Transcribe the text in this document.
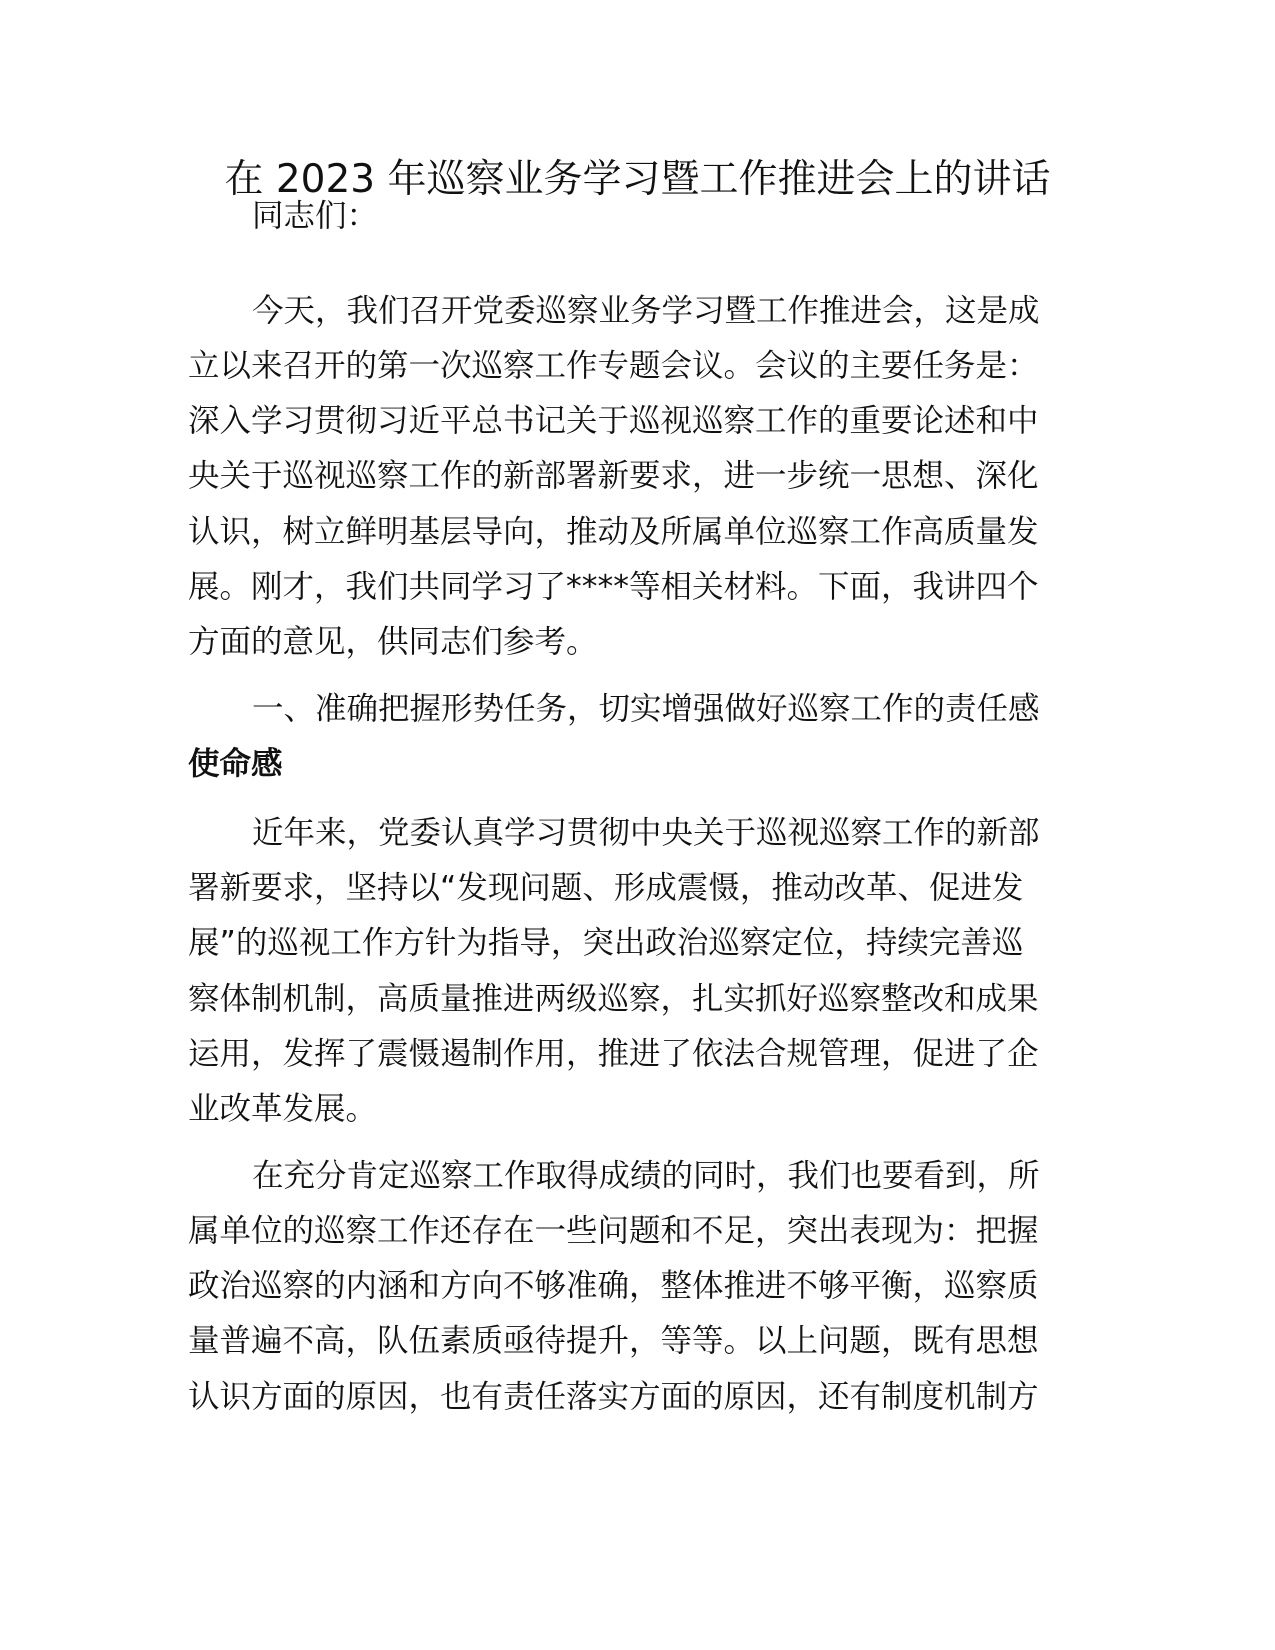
在 2023 年巡察业务学习暨工作推进会上的讲话
同志们：
今天，我们召开党委巡察业务学习暨工作推进会，这是成
立以来召开的第一次巡察工作专题会议。会议的主要任务是：
深入学习贯彻习近平总书记关于巡视巡察工作的重要论述和中
央关于巡视巡察工作的新部署新要求，进一步统一思想、深化
认识，树立鲜明基层导向，推动及所属单位巡察工作高质量发
展。刚才，我们共同学习了****等相关材料。下面，我讲四个
方面的意见，供同志们参考。
一、准确把握形势任务，切实增强做好巡察工作的责任感
使命感
近年来，党委认真学习贯彻中央关于巡视巡察工作的新部
署新要求，坚持以“发现问题、形成震慑，推动改革、促进发
展”的巡视工作方针为指导，突出政治巡察定位，持续完善巡
察体制机制，高质量推进两级巡察，扎实抓好巡察整改和成果
运用，发挥了震慑遏制作用，推进了依法合规管理，促进了企
业改革发展。
在充分肯定巡察工作取得成绩的同时，我们也要看到，所
属单位的巡察工作还存在一些问题和不足，突出表现为：把握
政治巡察的内涵和方向不够准确，整体推进不够平衡，巡察质
量普遍不高，队伍素质亟待提升，等等。以上问题，既有思想
认识方面的原因，也有责任落实方面的原因，还有制度机制方
